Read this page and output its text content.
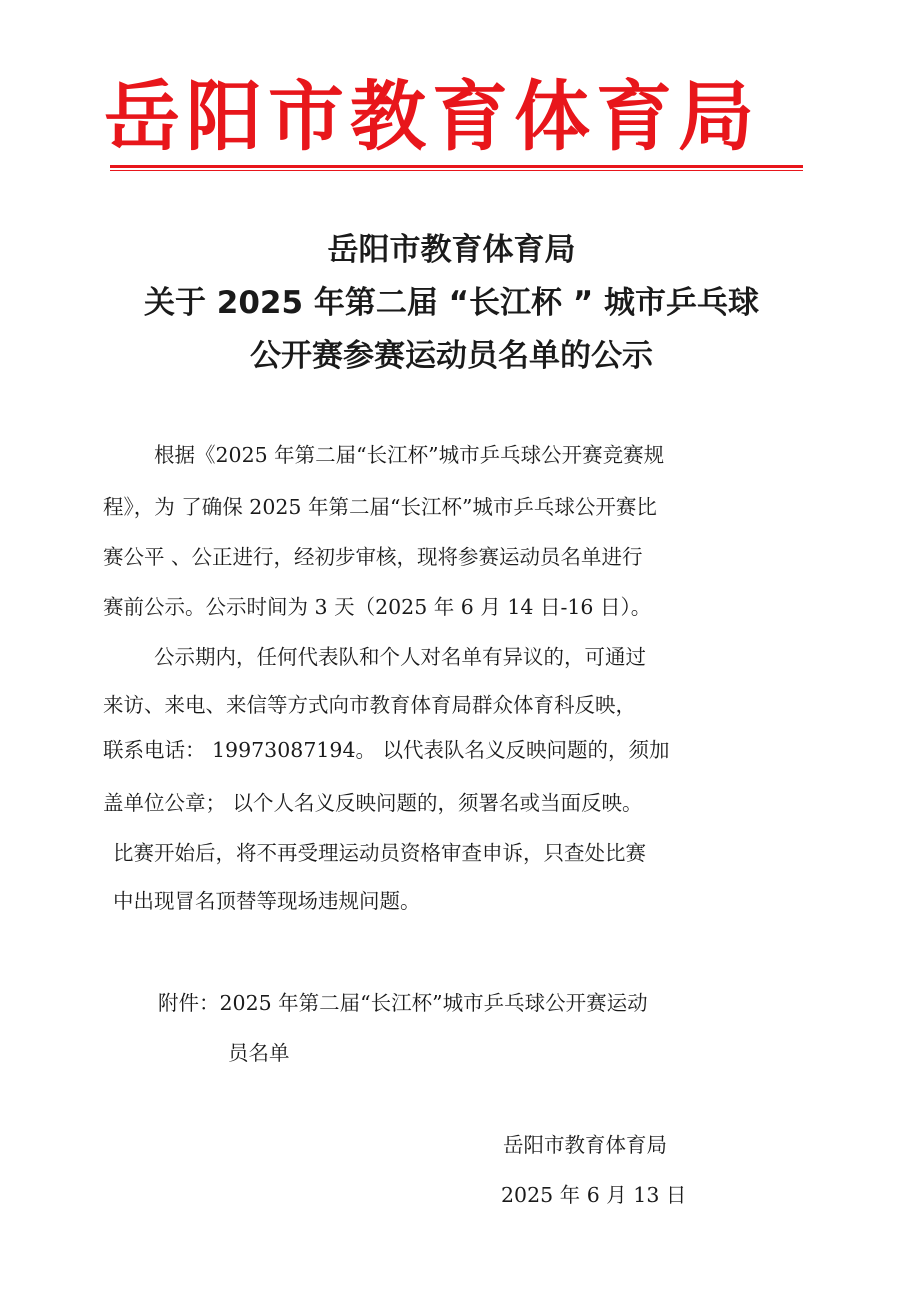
岳阳市教育体育局
岳阳市教育体育局
关于 2025 年第二届 “长江杯 ” 城市乒乓球
公开赛参赛运动员名单的公示
根据《2025 年第二届“长江杯”城市乒乓球公开赛竞赛规
程》，为 了确保 2025 年第二届“长江杯”城市乒乓球公开赛比
赛公平 、公正进行，经初步审核，现将参赛运动员名单进行
赛前公示。公示时间为 3 天（2025 年 6 月 14 日-16 日）。
公示期内，任何代表队和个人对名单有异议的，可通过
来访、来电、来信等方式向市教育体育局群众体育科反映，
联系电话： 19973087194。 以代表队名义反映问题的，须加
盖单位公章； 以个人名义反映问题的，须署名或当面反映。
比赛开始后，将不再受理运动员资格审查申诉，只查处比赛
中出现冒名顶替等现场违规问题。
附件：2025 年第二届“长江杯”城市乒乓球公开赛运动
员名单
岳阳市教育体育局
2025 年 6 月 13 日
